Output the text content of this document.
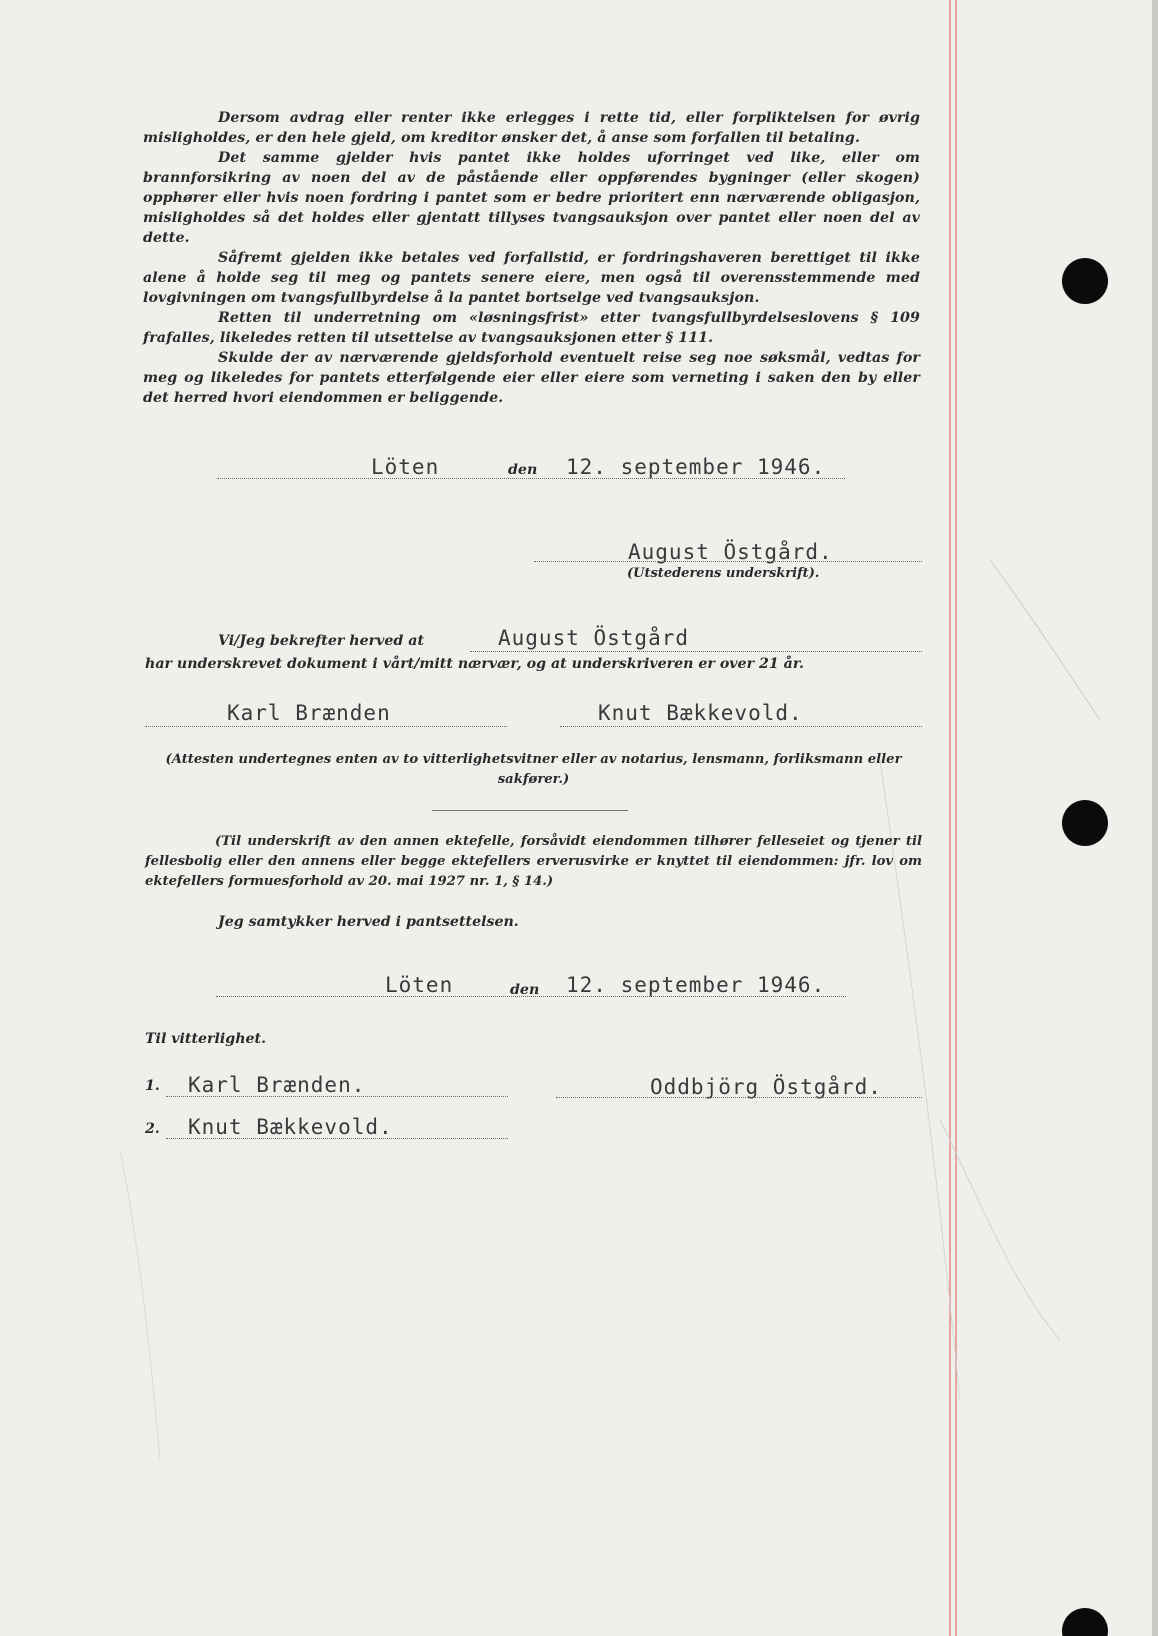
Dersom avdrag eller renter ikke erlegges i rette tid, eller forpliktelsen for øvrig misligholdes, er den hele gjeld, om kreditor ønsker det, å anse som forfallen til betaling.

Det samme gjelder hvis pantet ikke holdes uforringet ved like, eller om brannforsikring av noen del av de påstående eller oppførendes bygninger (eller skogen) opphører eller hvis noen fordring i pantet som er bedre prioritert enn nærværende obligasjon, misligholdes så det holdes eller gjentatt tillyses tvangsauksjon over pantet eller noen del av dette.

Såfremt gjelden ikke betales ved forfallstid, er fordringshaveren berettiget til ikke alene å holde seg til meg og pantets senere eiere, men også til overensstemmende med lovgivningen om tvangsfullbyrdelse å la pantet bortselge ved tvangsauksjon.

Retten til underretning om «løsningsfrist» etter tvangsfullbyrdelseslovens § 109 frafalles, likeledes retten til utsettelse av tvangsauksjonen etter § 111.

Skulde der av nærværende gjeldsforhold eventuelt reise seg noe søksmål, vedtas for meg og likeledes for pantets etterfølgende eier eller eiere som verneting i saken den by eller det herred hvori eiendommen er beliggende.

Löten	den 12. september 1946.
August Östgård.
(Utstederens underskrift).
Vi/Jeg bekrefter herved at	August Östgård
har underskrevet dokument i vårt/mitt nærvær, og at underskriveren er over 21 år.
Karl Brænden	Knut Bækkevold.
(Attesten undertegnes enten av to vitterlighetsvitner eller av notarius, lensmann, forliksmann eller sakfører.)
(Til underskrift av den annen ektefelle, forsåvidt eiendommen tilhører felleseiet og tjener til fellesbolig eller den annens eller begge ektefellers erverusvirke er knyttet til eiendommen: jfr. lov om ektefellers formuesforhold av 20. mai 1927 nr. 1, § 14.)
Jeg samtykker herved i pantsettelsen.
Löten	den 12. september 1946.
Til vitterlighet.
1. Karl Brænden.	Oddbjörg Östgård.
2. Knut Bækkevold.
